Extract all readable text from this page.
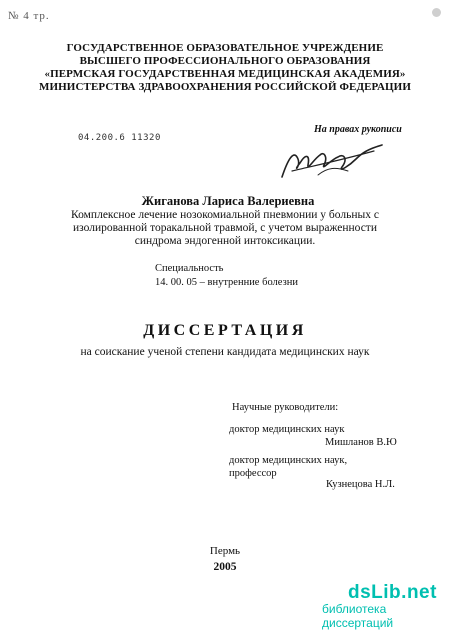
№ 4 тр.
ГОСУДАРСТВЕННОЕ ОБРАЗОВАТЕЛЬНОЕ УЧРЕЖДЕНИЕ
ВЫСШЕГО ПРОФЕССИОНАЛЬНОГО ОБРАЗОВАНИЯ
«ПЕРМСКАЯ ГОСУДАРСТВЕННАЯ МЕДИЦИНСКАЯ АКАДЕМИЯ»
МИНИСТЕРСТВА ЗДРАВООХРАНЕНИЯ РОССИЙСКОЙ ФЕДЕРАЦИИ
04.200.6 11320
На правах рукописи
Жиганова Лариса Валериевна
Комплексное лечение нозокомиальной пневмонии у больных с
изолированной торакальной травмой, с учетом выраженности
синдрома эндогенной интоксикации.
Специальность
14. 00. 05 – внутренние болезни
ДИССЕРТАЦИЯ
на соискание ученой степени кандидата медицинских наук
Научные руководители:
доктор медицинских наук
Мишланов В.Ю
доктор медицинских наук,
профессор
Кузнецова Н.Л.
Пермь
2005
dsLib.net
библиотека диссертаций
